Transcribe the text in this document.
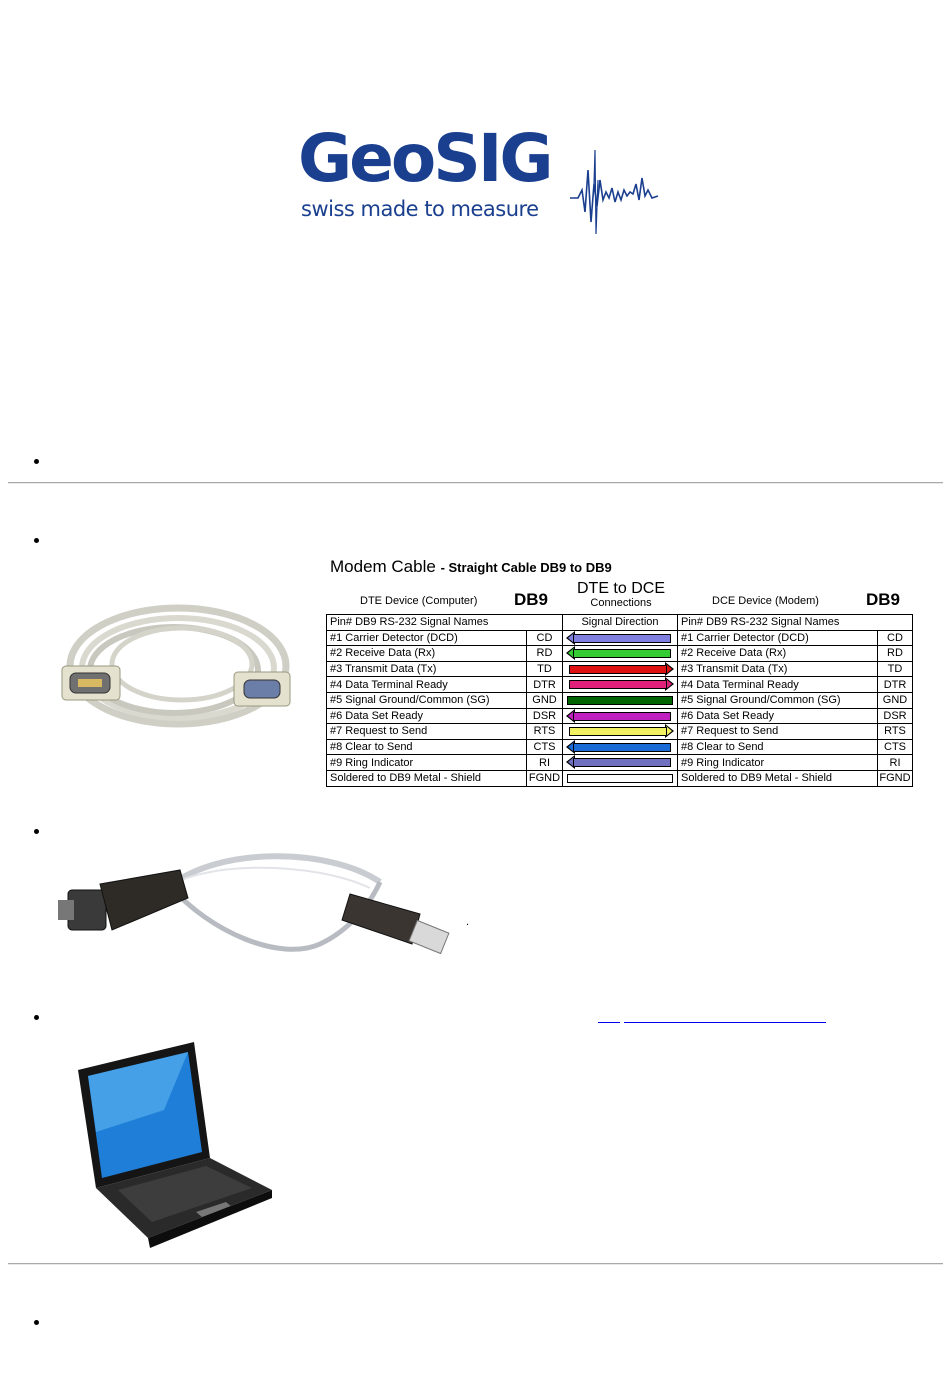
GeoSIG
swiss made to measure
Modem Cable - Straight Cable DB9 to DB9
DTE Device (Computer) DB9
DTE to DCE
Connections	DCE Device (Modem)	DB9
Pin# DB9 RS-232 Signal Names		Signal Direction	Pin# DB9 RS-232 Signal Names	
#1 Carrier Detector (DCD)	CD		#1 Carrier Detector (DCD)	CD
#2 Receive Data (Rx)	RD		#2 Receive Data (Rx)	RD
#3 Transmit Data (Tx)	TD		#3 Transmit Data (Tx)	TD
#4 Data Terminal Ready	DTR		#4 Data Terminal Ready	DTR
#5 Signal Ground/Common (SG)	GND		#5 Signal Ground/Common (SG)	GND
#6 Data Set Ready	DSR		#6 Data Set Ready	DSR
#7 Request to Send	RTS		#7 Request to Send	RTS
#8 Clear to Send	CTS		#8 Clear to Send	CTS
#9 Ring Indicator	RI		#9 Ring Indicator	RI
Soldered to DB9 Metal - Shield	FGND		Soldered to DB9 Metal - Shield	FGND
.
